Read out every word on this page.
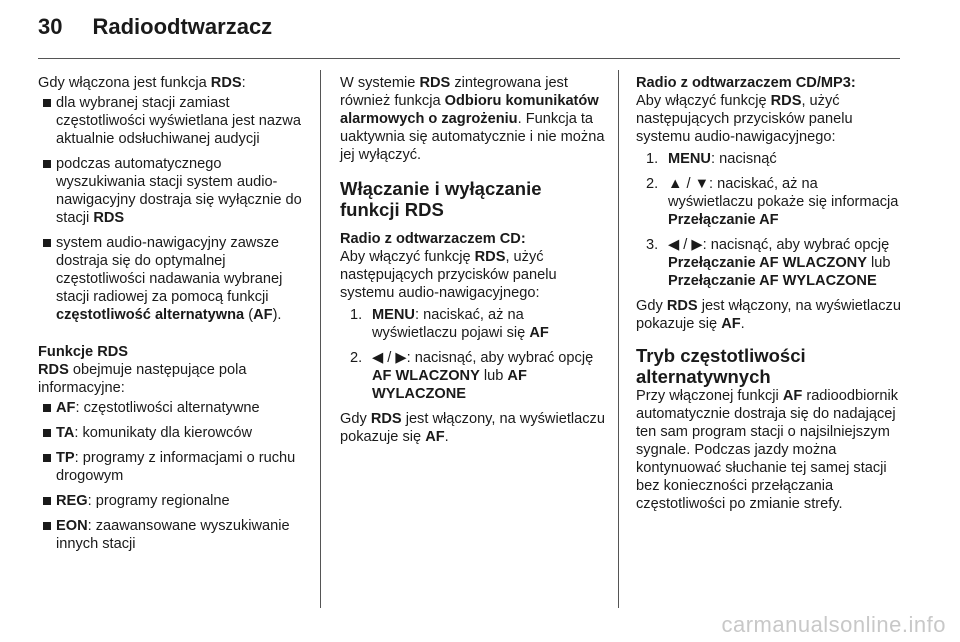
30 Radioodtwarzacz

Gdy włączona jest funkcja RDS:

dla wybranej stacji zamiast częstotliwości wyświetlana jest nazwa aktualnie odsłuchiwanej audycji
podczas automatycznego wyszukiwania stacji system audio-nawigacyjny dostraja się wyłącznie do stacji RDS
system audio-nawigacyjny zawsze dostraja się do optymalnej częstotliwości nadawania wybranej stacji radiowej za pomocą funkcji częstotliwość alternatywna (AF).

Funkcje RDS

RDS obejmuje następujące pola informacyjne:

AF: częstotliwości alternatywne
TA: komunikaty dla kierowców
TP: programy z informacjami o ruchu drogowym
REG: programy regionalne
EON: zaawansowane wyszukiwanie innych stacji

W systemie RDS zintegrowana jest również funkcja Odbioru komunikatów alarmowych o zagrożeniu. Funkcja ta uaktywnia się automatycznie i nie można jej wyłączyć.

Włączanie i wyłączanie funkcji RDS

Radio z odtwarzaczem CD:

Aby włączyć funkcję RDS, użyć następujących przycisków panelu systemu audio-nawigacyjnego:

1. MENU: naciskać, aż na wyświetlaczu pojawi się AF
2. ◀ / ▶: nacisnąć, aby wybrać opcję AF WLACZONY lub AF WYLACZONE

Gdy RDS jest włączony, na wyświetlaczu pokazuje się AF.

Radio z odtwarzaczem CD/MP3:

Aby włączyć funkcję RDS, użyć następujących przycisków panelu systemu audio-nawigacyjnego:

1. MENU: nacisnąć
2. ▲ / ▼: naciskać, aż na wyświetlaczu pokaże się informacja Przełączanie AF
3. ◀ / ▶: nacisnąć, aby wybrać opcję Przełączanie AF WLACZONY lub Przełączanie AF WYLACZONE

Gdy RDS jest włączony, na wyświetlaczu pokazuje się AF.

Tryb częstotliwości alternatywnych

Przy włączonej funkcji AF radioodbiornik automatycznie dostraja się do nadającej ten sam program stacji o najsilniejszym sygnale. Podczas jazdy można kontynuować słuchanie tej samej stacji bez konieczności przełączania częstotliwości po zmianie strefy.

carmanualsonline.info
